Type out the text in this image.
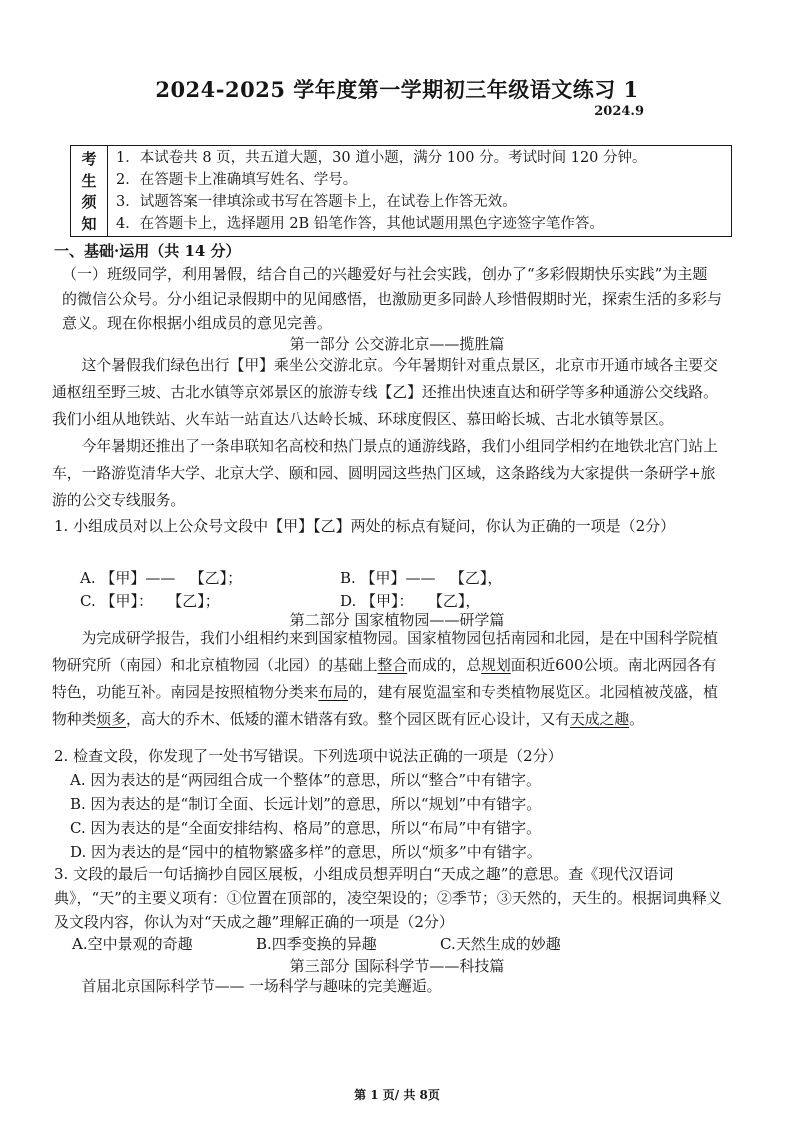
2024-2025 学年度第一学期初三年级语文练习 1
2024.9
考
生
须
知
1．本试卷共 8 页，共五道大题，30 道小题，满分 100 分。考试时间 120 分钟。
2．在答题卡上准确填写姓名、学号。
3．试题答案一律填涂或书写在答题卡上，在试卷上作答无效。
4．在答题卡上，选择题用 2B 铅笔作答，其他试题用黑色字迹签字笔作答。
一、基础·运用（共 14 分）

（一）班级同学，利用暑假，结合自己的兴趣爱好与社会实践，创办了“多彩假期快乐实践”为主题的微信公众号。分小组记录假期中的见闻感悟，也激励更多同龄人珍惜假期时光，探索生活的多彩与意义。现在你根据小组成员的意见完善。

第一部分 公交游北京——揽胜篇

这个暑假我们绿色出行【甲】乘坐公交游北京。今年暑期针对重点景区，北京市开通市域各主要交通枢纽至野三坡、古北水镇等京郊景区的旅游专线【乙】还推出快速直达和研学等多种通游公交线路。我们小组从地铁站、火车站一站直达八达岭长城、环球度假区、慕田峪长城、古北水镇等景区。

今年暑期还推出了一条串联知名高校和热门景点的通游线路，我们小组同学相约在地铁北宫门站上车，一路游览清华大学、北京大学、颐和园、圆明园这些热门区域，这条路线为大家提供一条研学+旅游的公交专线服务。

1. 小组成员对以上公众号文段中【甲】【乙】两处的标点有疑问，你认为正确的一项是（2分）

A. 【甲】——   【乙】；	B. 【甲】——   【乙】，
C. 【甲】：   【乙】；	D. 【甲】：   【乙】，
第二部分 国家植物园——研学篇

为完成研学报告，我们小组相约来到国家植物园。国家植物园包括南园和北园，是在中国科学院植物研究所（南园）和北京植物园（北园）的基础上整合而成的，总规划面积近600公顷。南北两园各有特色，功能互补。南园是按照植物分类来布局的，建有展览温室和专类植物展览区。北园植被茂盛，植物种类烦多，高大的乔木、低矮的灌木错落有致。整个园区既有匠心设计，又有天成之趣。

2. 检查文段，你发现了一处书写错误。下列选项中说法正确的一项是（2分）

A. 因为表达的是“两园组合成一个整体”的意思，所以“整合”中有错字。
B. 因为表达的是“制订全面、长远计划”的意思，所以“规划”中有错字。
C. 因为表达的是“全面安排结构、格局”的意思，所以“布局”中有错字。
D. 因为表达的是“园中的植物繁盛多样”的意思，所以“烦多”中有错字。

3. 文段的最后一句话摘抄自园区展板，小组成员想弄明白“天成之趣”的意思。查《现代汉语词典》，“天”的主要义项有：①位置在顶部的，凌空架设的；②季节；③天然的，天生的。根据词典释义及文段内容，你认为对“天成之趣”理解正确的一项是（2分）

A.空中景观的奇趣	B.四季变换的异趣	C.天然生成的妙趣
第三部分 国际科学节——科技篇

首届北京国际科学节—— 一场科学与趣味的完美邂逅。

第 1 页/ 共 8页
